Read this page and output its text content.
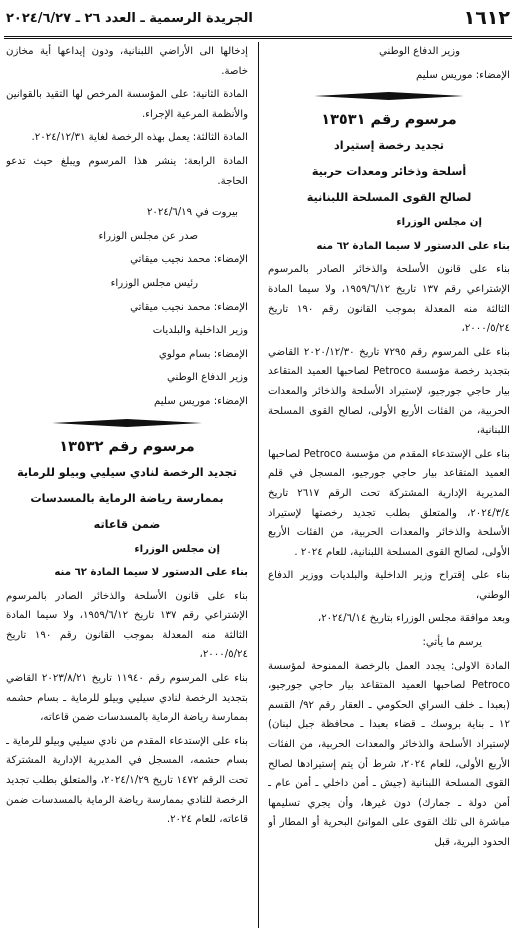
١٦١٢
الجريدة الرسمية ـ العدد ٢٦ ـ ٢٠٢٤/٦/٢٧

وزير الدفاع الوطني

الإمضاء: موريس سليم

مرسوم رقم ١٣٥٣١

تجديد رخصة إستيراد

أسلحة وذخائر ومعدات حربية

لصالح القوى المسلحة اللبنانية

إن مجلس الوزراء

بناء على الدستور لا سيما المادة ٦٢ منه

بناء على قانون الأسلحة والذخائر الصادر بالمرسوم الإشتراعي رقم ١٣٧ تاريخ ١٩٥٩/٦/١٢، ولا سيما المادة الثالثة منه المعدلة بموجب القانون رقم ١٩٠ تاريخ ٢٠٠٠/٥/٢٤،

بناء على المرسوم رقم ٧٢٩٥ تاريخ ٢٠٢٠/١٢/٣٠ القاضي بتجديد رخصة مؤسسة Petroco لصاحبها العميد المتقاعد بيار حاجي جورجيو، لإستيراد الأسلحة والذخائر والمعدات الحربية، من الفئات الأربع الأولى، لصالح القوى المسلحة اللبنانية،

بناء على الإستدعاء المقدم من مؤسسة Petroco لصاحبها العميد المتقاعد بيار حاجي جورجيو، المسجل في قلم المديرية الإدارية المشتركة تحت الرقم ٢٦١٧ تاريخ ٢٠٢٤/٣/٤، والمتعلق بطلب تجديد رخصتها لإستيراد الأسلحة والذخائر والمعدات الحربية، من الفئات الأربع الأولى، لصالح القوى المسلحة اللبنانية، للعام ٢٠٢٤ .

بناء على إقتراح وزير الداخلية والبلديات ووزير الدفاع الوطني،

وبعد موافقة مجلس الوزراء بتاريخ ٢٠٢٤/٦/١٤،

يرسم ما يأتي:

المادة الاولى: يجدد العمل بالرخصة الممنوحة لمؤسسة Petroco لصاحبها العميد المتقاعد بيار حاجي جورجيو، (بعبدا ـ خلف السراي الحكومي ـ العقار رقم ٩٢/ القسم ١٢ ـ بناية بروسك ـ قضاء بعبدا ـ محافظة جبل لبنان) لإستيراد الأسلحة والذخائر والمعدات الحربية، من الفئات الأربع الأولى، للعام ٢٠٢٤، شرط أن يتم إستيرادها لصالح القوى المسلحة اللبنانية (جيش ـ أمن داخلي ـ أمن عام ـ أمن دولة ـ جمارك) دون غيرها، وأن يجري تسليمها مباشرة الى تلك القوى على الموانئ البحرية أو المطار أو الحدود البرية، قبل

إدخالها الى الأراضي اللبنانية، ودون إيداعها أية مخازن خاصة.

المادة الثانية: على المؤسسة المرخص لها التقيد بالقوانين والأنظمة المرعية الإجراء.

المادة الثالثة: يعمل بهذه الرخصة لغاية ٢٠٢٤/١٢/٣١.

المادة الرابعة: ينشر هذا المرسوم ويبلغ حيث تدعو الحاجة.

بيروت في ٢٠٢٤/٦/١٩

صدر عن مجلس الوزراء

الإمضاء: محمد نجيب ميقاتي

رئيس مجلس الوزراء

الإمضاء: محمد نجيب ميقاتي

وزير الداخلية والبلديات

الإمضاء: بسام مولوي

وزير الدفاع الوطني

الإمضاء: موريس سليم

مرسوم رقم ١٣٥٣٢

تجديد الرخصة لنادي سيليي وبيلو للرماية

بممارسة رياضة الرماية بالمسدسات

ضمن قاعاته

إن مجلس الوزراء

بناء على الدستور لا سيما المادة ٦٢ منه

بناء على قانون الأسلحة والذخائر الصادر بالمرسوم الإشتراعي رقم ١٣٧ تاريخ ١٩٥٩/٦/١٢، ولا سيما المادة الثالثة منه المعدلة بموجب القانون رقم ١٩٠ تاريخ ٢٠٠٠/٥/٢٤،

بناء على المرسوم رقم ١١٩٤٠ تاريخ ٢٠٢٣/٨/٢١ القاضي بتجديد الرخصة لنادي سيليي وبيلو للرماية ـ بسام حشمه بممارسة رياضة الرماية بالمسدسات ضمن قاعاته،

بناء على الإستدعاء المقدم من نادي سيليي وبيلو للرماية ـ بسام حشمه، المسجل في المديرية الإدارية المشتركة تحت الرقم ١٤٧٢ تاريخ ٢٠٢٤/١/٢٩، والمتعلق بطلب تجديد الرخصة للنادي بممارسة رياضة الرماية بالمسدسات ضمن قاعاته، للعام ٢٠٢٤.
